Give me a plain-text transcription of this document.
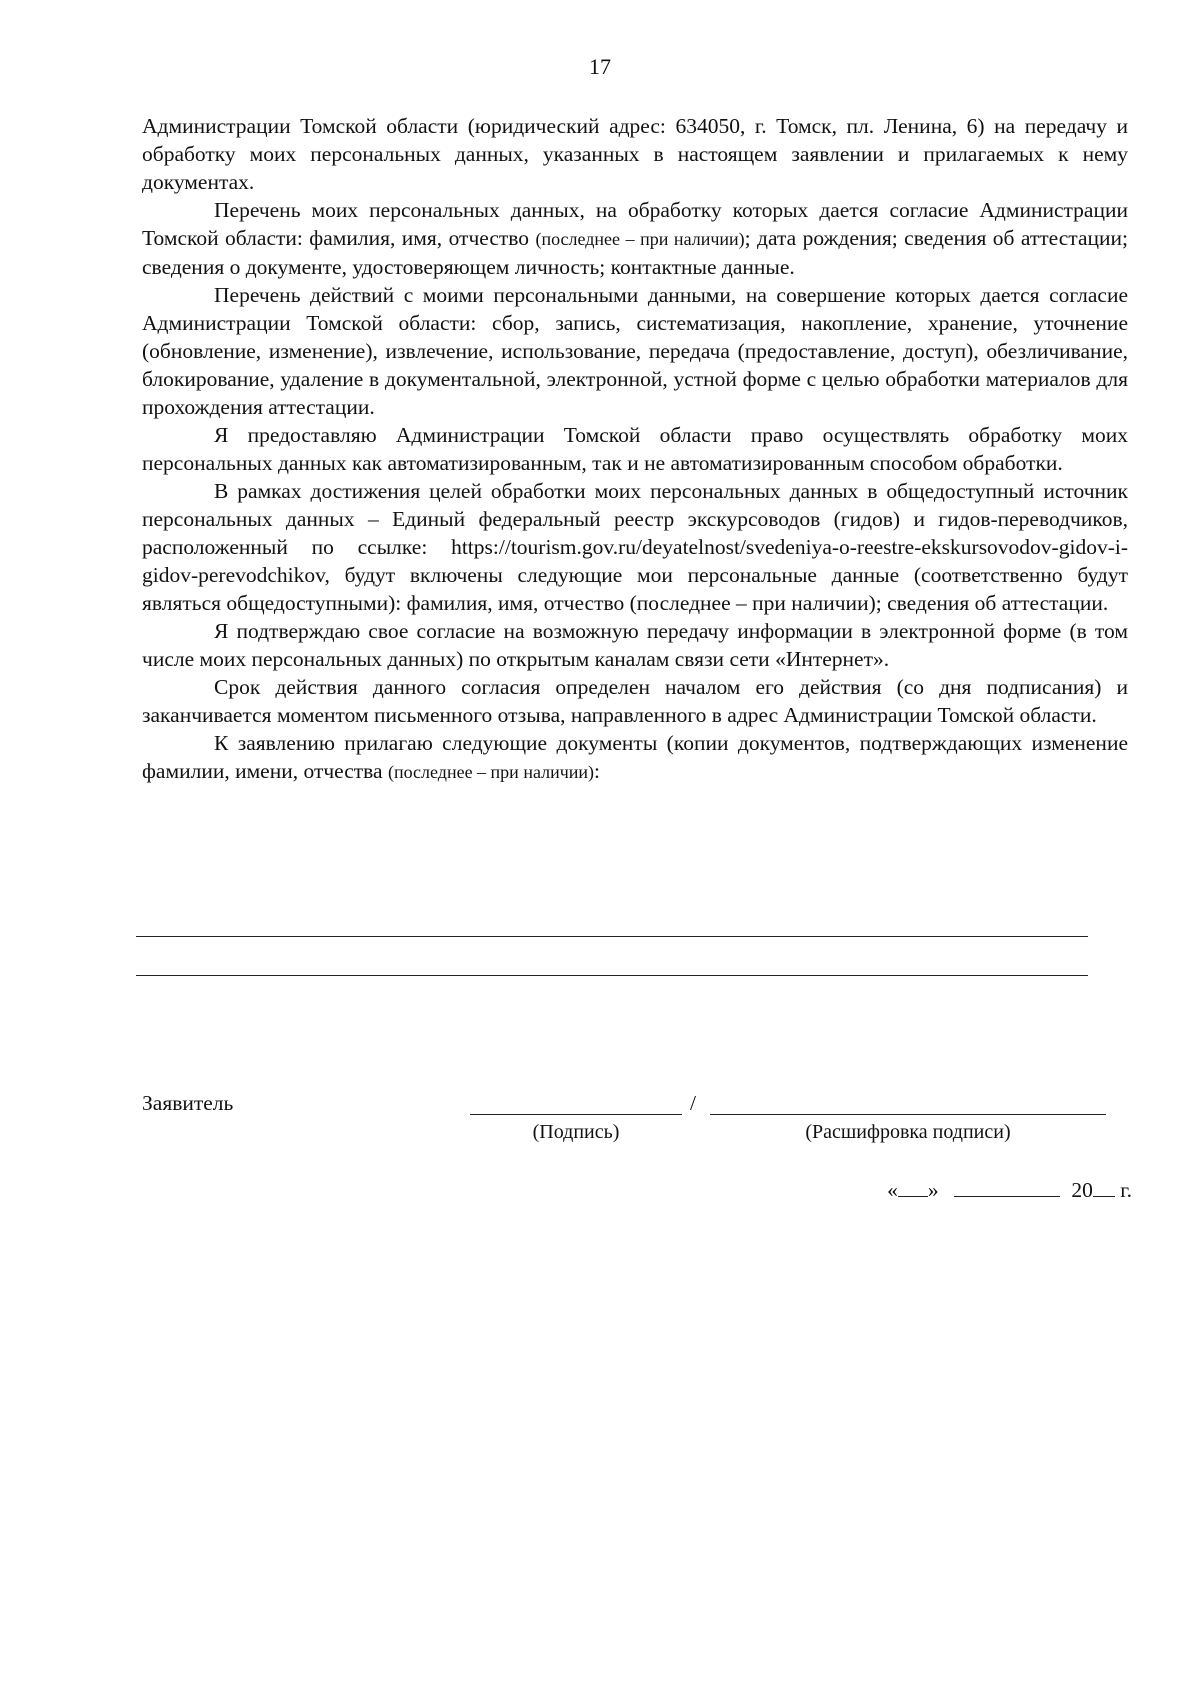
17

Администрации Томской области (юридический адрес: 634050, г. Томск, пл. Ленина, 6) на передачу и обработку моих персональных данных, указанных в настоящем заявлении и прилагаемых к нему документах.

Перечень моих персональных данных, на обработку которых дается согласие Администрации Томской области: фамилия, имя, отчество (последнее – при наличии); дата рождения; сведения об аттестации; сведения о документе, удостоверяющем личность; контактные данные.

Перечень действий с моими персональными данными, на совершение которых дается согласие Администрации Томской области: сбор, запись, систематизация, накопление, хранение, уточнение (обновление, изменение), извлечение, использование, передача (предоставление, доступ), обезличивание, блокирование, удаление в документальной, электронной, устной форме с целью обработки материалов для прохождения аттестации.

Я предоставляю Администрации Томской области право осуществлять обработку моих персональных данных как автоматизированным, так и не автоматизированным способом обработки.

В рамках достижения целей обработки моих персональных данных в общедоступный источник персональных данных – Единый федеральный реестр экскурсоводов (гидов) и гидов-переводчиков, расположенный по ссылке: https://tourism.gov.ru/deyatelnost/svedeniya-o-reestre-ekskursovodov-gidov-i-gidov-perevodchikov, будут включены следующие мои персональные данные (соответственно будут являться общедоступными): фамилия, имя, отчество (последнее – при наличии); сведения об аттестации.

Я подтверждаю свое согласие на возможную передачу информации в электронной форме (в том числе моих персональных данных) по открытым каналам связи сети «Интернет».

Срок действия данного согласия определен началом его действия (со дня подписания) и заканчивается моментом письменного отзыва, направленного в адрес Администрации Томской области.

К заявлению прилагаю следующие документы (копии документов, подтверждающих изменение фамилии, имени, отчества (последнее – при наличии):

Заявитель	/
(Подпись)	(Расшифровка подписи)
« »	20 г.
